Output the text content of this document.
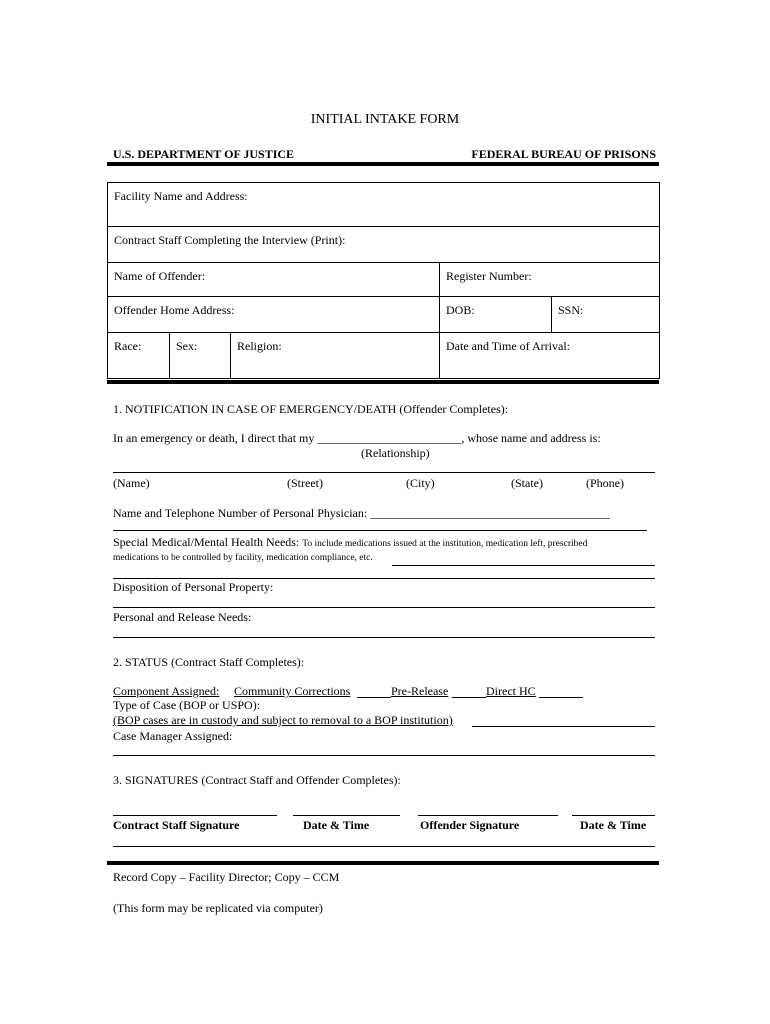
INITIAL INTAKE FORM
U.S. DEPARTMENT OF JUSTICE	FEDERAL BUREAU OF PRISONS
Facility Name and Address:				
Contract Staff Completing the Interview (Print):				
Name of Offender:			Register Number:	
Offender Home Address:			DOB:	SSN:
Race:	Sex:	Religion:	Date and Time of Arrival:	
1. NOTIFICATION IN CASE OF EMERGENCY/DEATH (Offender Completes):
In an emergency or death, I direct that my ________________________, whose name and address is:
(Relationship)
(Name)	(Street)	(City)	(State)	(Phone)
Name and Telephone Number of Personal Physician: ________________________________________
Special Medical/Mental Health Needs: To include medications issued at the institution, medication left, prescribed
medications to be controlled by facility, medication compliance, etc.
Disposition of Personal Property:
Personal and Release Needs:
2. STATUS (Contract Staff Completes):
Component Assigned: Community Corrections	Pre-Release	Direct HC
Type of Case (BOP or USPO):
(BOP cases are in custody and subject to removal to a BOP institution)
Case Manager Assigned:
3. SIGNATURES (Contract Staff and Offender Completes):
Contract Staff Signature	Date & Time	Offender Signature	Date & Time
Record Copy – Facility Director; Copy – CCM
(This form may be replicated via computer)
